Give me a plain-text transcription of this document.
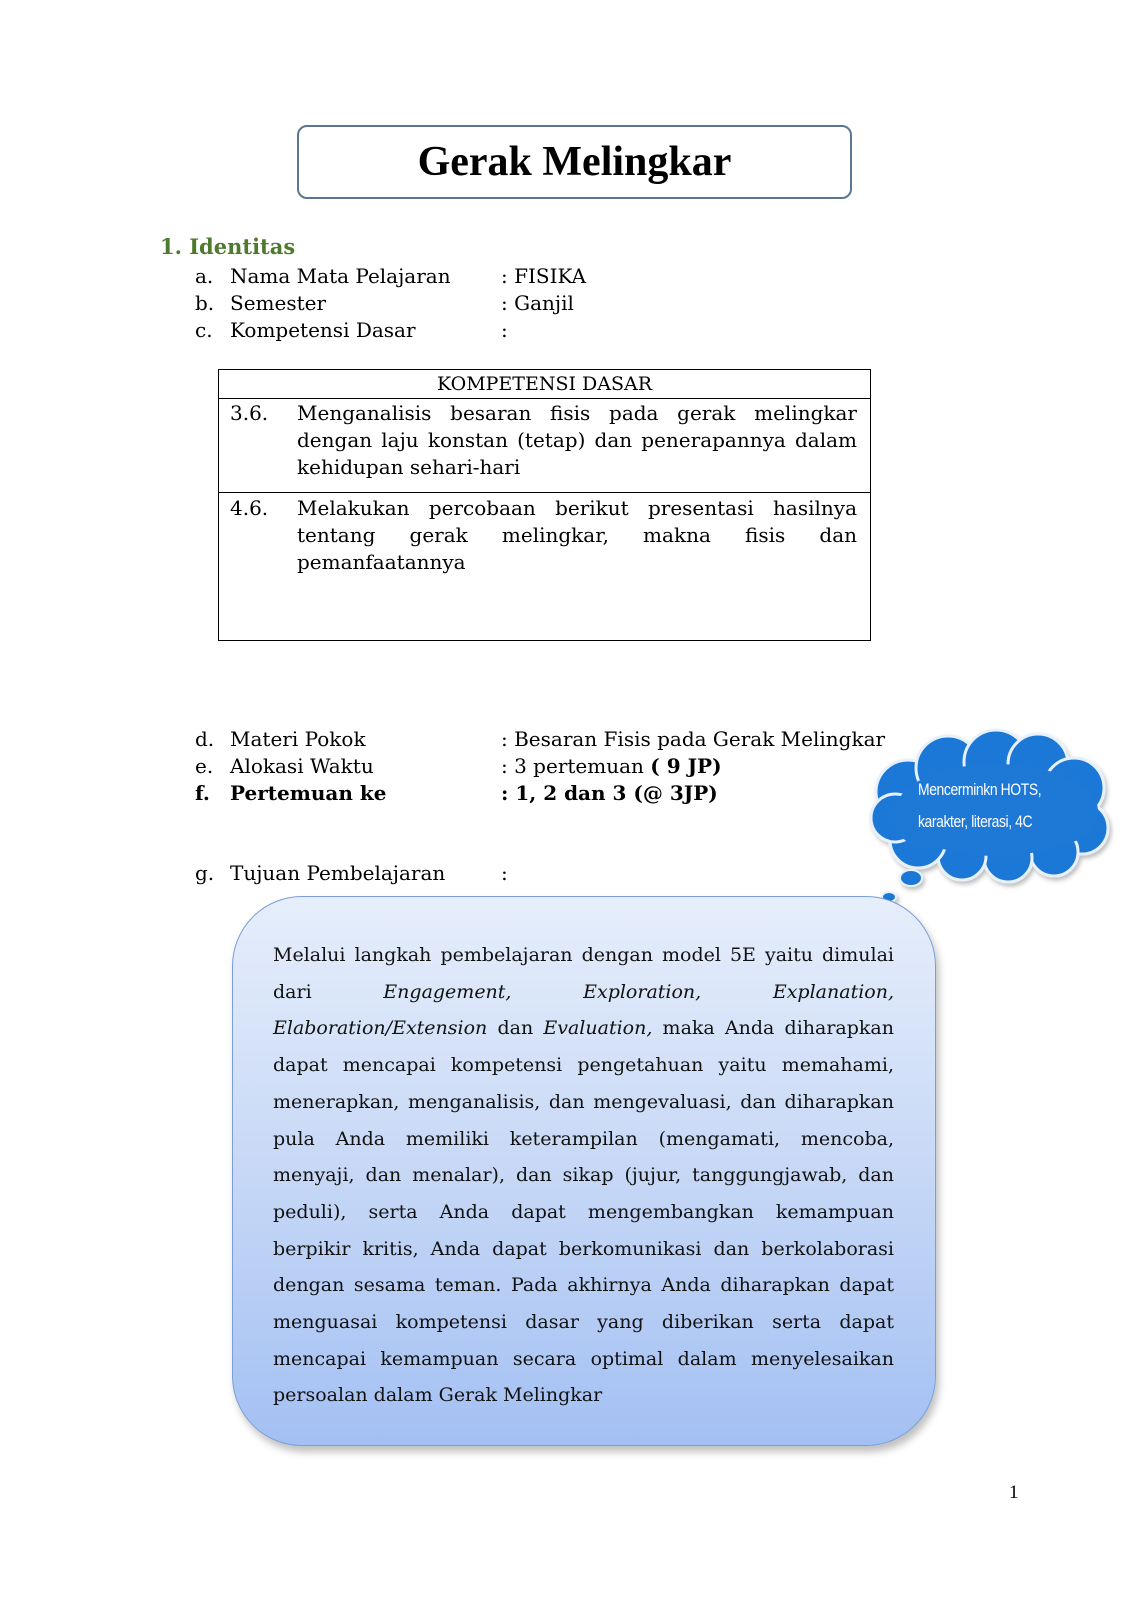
Gerak Melingkar
1. Identitas
a. Nama Mata Pelajaran	: FISIKA
b. Semester	: Ganjil
c. Kompetensi Dasar	:
KOMPETENSI DASAR
3.6. Menganalisis besaran fisis pada gerak melingkar dengan laju konstan (tetap) dan penerapannya dalam kehidupan sehari-hari
4.6. Melakukan percobaan berikut presentasi hasilnya tentang gerak melingkar, makna fisis dan pemanfaatannya
d. Materi Pokok	: Besaran Fisis pada Gerak Melingkar
e. Alokasi Waktu	: 3 pertemuan ( 9 JP)
f. Pertemuan ke	: 1, 2 dan 3 (@ 3JP)
g. Tujuan Pembelajaran	:
Mencerminkn HOTS,
karakter, literasi, 4C
Melalui langkah pembelajaran dengan model 5E yaitu dimulai dari Engagement, Exploration, Explanation, Elaboration/Extension dan Evaluation, maka Anda diharapkan dapat mencapai kompetensi pengetahuan yaitu memahami, menerapkan, menganalisis, dan mengevaluasi, dan diharapkan pula Anda memiliki keterampilan (mengamati, mencoba, menyaji, dan menalar), dan sikap (jujur, tanggungjawab, dan peduli), serta Anda dapat mengembangkan kemampuan berpikir kritis, Anda dapat berkomunikasi dan berkolaborasi dengan sesama teman. Pada akhirnya Anda diharapkan dapat menguasai kompetensi dasar yang diberikan serta dapat mencapai kemampuan secara optimal dalam menyelesaikan persoalan dalam Gerak Melingkar
1
